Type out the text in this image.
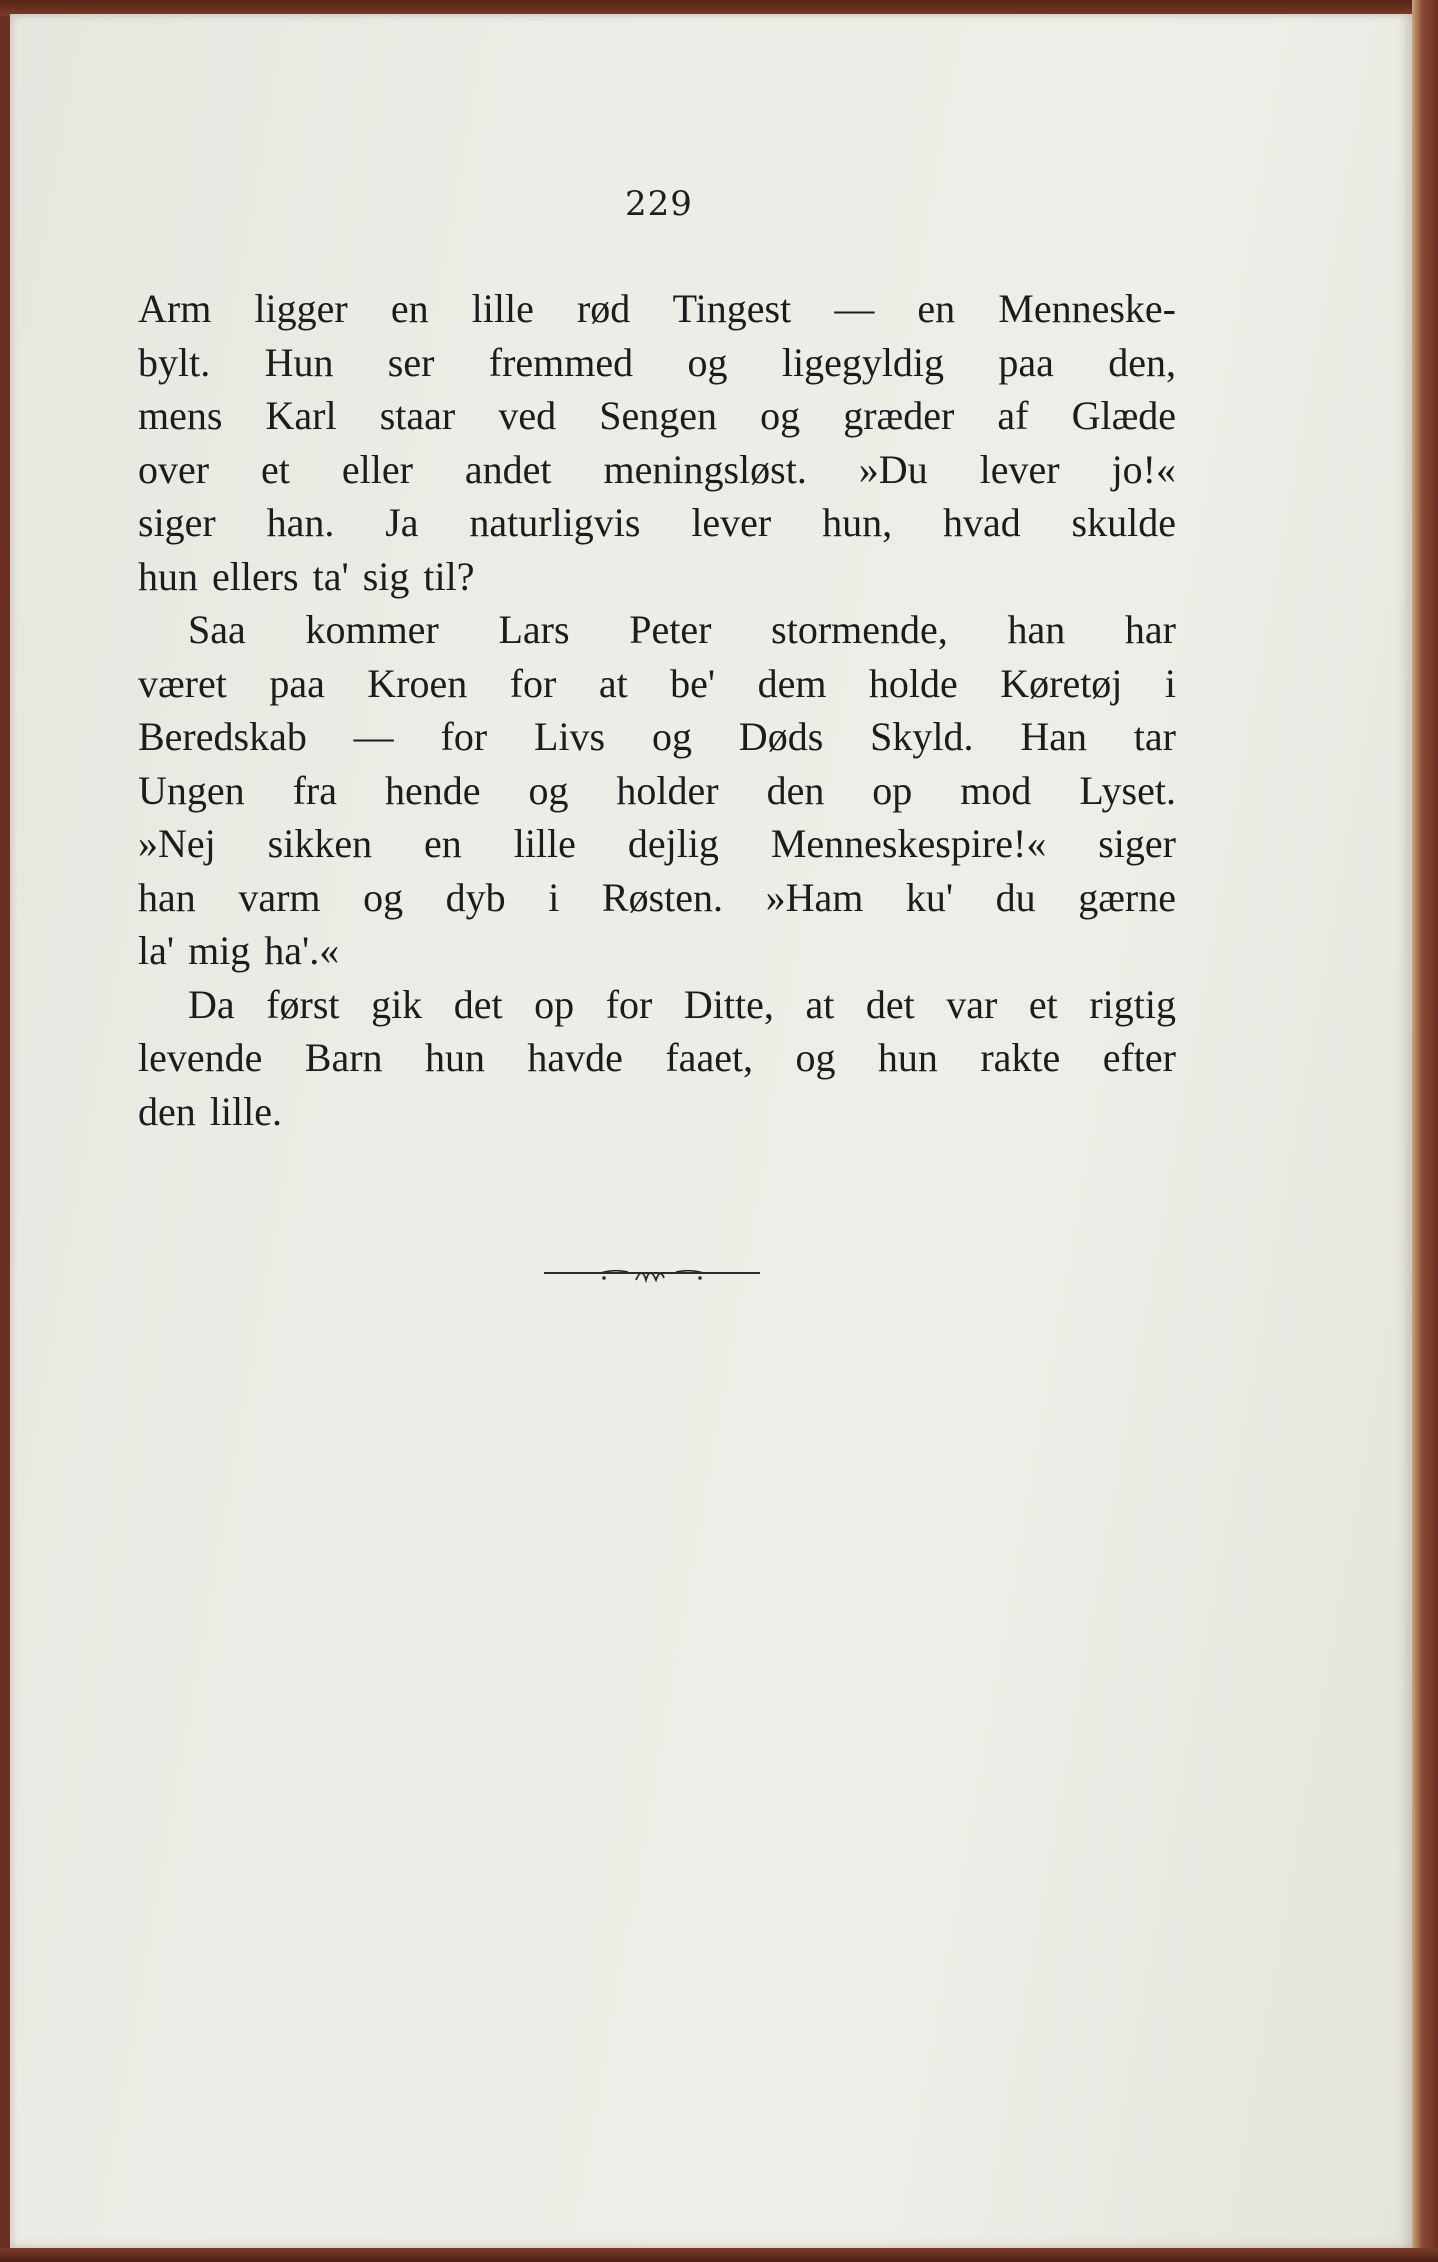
229
Arm ligger en lille rød Tingest — en Menneske-
bylt. Hun ser fremmed og ligegyldig paa den,
mens Karl staar ved Sengen og græder af Glæde
over et eller andet meningsløst. »Du lever jo!«
siger han. Ja naturligvis lever hun, hvad skulde
hun ellers ta' sig til?
Saa kommer Lars Peter stormende, han har
været paa Kroen for at be' dem holde Køretøj i
Beredskab — for Livs og Døds Skyld. Han tar
Ungen fra hende og holder den op mod Lyset.
»Nej sikken en lille dejlig Menneskespire!« siger
han varm og dyb i Røsten. »Ham ku' du gærne
la' mig ha'.«
Da først gik det op for Ditte, at det var et rigtig
levende Barn hun havde faaet, og hun rakte efter
den lille.
